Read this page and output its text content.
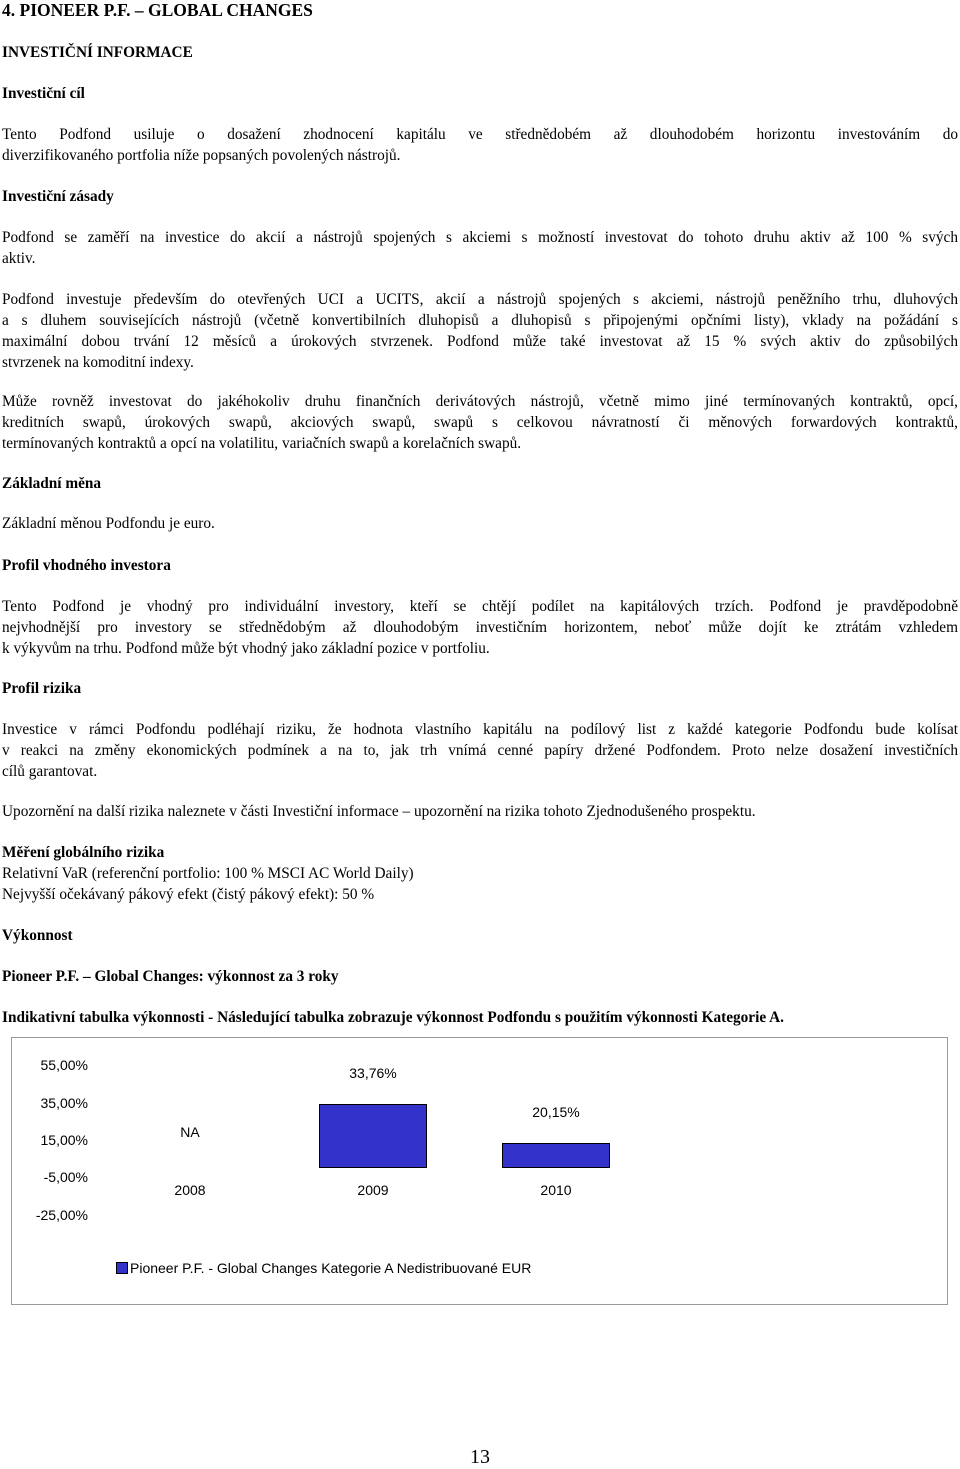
4. PIONEER P.F. – GLOBAL CHANGES
INVESTIČNÍ INFORMACE
Investiční cíl

Tento Podfond usiluje o dosažení zhodnocení kapitálu ve střednědobém až dlouhodobém horizontu investováním do

diverzifikovaného portfolia níže popsaných povolených nástrojů.

Investiční zásady

Podfond se zaměří na investice do akcií a nástrojů spojených s akciemi s možností investovat do tohoto druhu aktiv až 100 % svých

aktiv.

Podfond investuje především do otevřených UCI a UCITS, akcií a nástrojů spojených s akciemi, nástrojů peněžního trhu, dluhových

a s dluhem souvisejících nástrojů (včetně konvertibilních dluhopisů a dluhopisů s připojenými opčními listy), vklady na požádání s

maximální dobou trvání 12 měsíců a úrokových stvrzenek. Podfond může také investovat až 15 % svých aktiv do způsobilých

stvrzenek na komoditní indexy.

Může rovněž investovat do jakéhokoliv druhu finančních derivátových nástrojů, včetně mimo jiné termínovaných kontraktů, opcí,

kreditních swapů, úrokových swapů, akciových swapů, swapů s celkovou návratností či měnových forwardových kontraktů,

termínovaných kontraktů a opcí na volatilitu, variačních swapů a korelačních swapů.

Základní měna
Základní měnou Podfondu je euro.
Profil vhodného investora

Tento Podfond je vhodný pro individuální investory, kteří se chtějí podílet na kapitálových trzích. Podfond je pravděpodobně

nejvhodnější pro investory se střednědobým až dlouhodobým investičním horizontem, neboť může dojít ke ztrátám vzhledem

k výkyvům na trhu. Podfond může být vhodný jako základní pozice v portfoliu.

Profil rizika

Investice v rámci Podfondu podléhají riziku, že hodnota vlastního kapitálu na podílový list z každé kategorie Podfondu bude kolísat

v reakci na změny ekonomických podmínek a na to, jak trh vnímá cenné papíry držené Podfondem. Proto nelze dosažení investičních

cílů garantovat.

Upozornění na další rizika naleznete v části Investiční informace – upozornění na rizika tohoto Zjednodušeného prospektu.
Měření globálního rizika
Relativní VaR (referenční portfolio: 100 % MSCI AC World Daily)
Nejvyšší očekávaný pákový efekt (čistý pákový efekt): 50 %
Výkonnost
Pioneer P.F. – Global Changes: výkonnost za 3 roky
Indikativní tabulka výkonnosti - Následující tabulka zobrazuje výkonnost Podfondu s použitím výkonnosti Kategorie A.
55,00%
35,00%
15,00%
-5,00%
-25,00%
NA
33,76%
20,15%
2008	2009	2010
Pioneer P.F. - Global Changes Kategorie A Nedistribuované EUR
13
